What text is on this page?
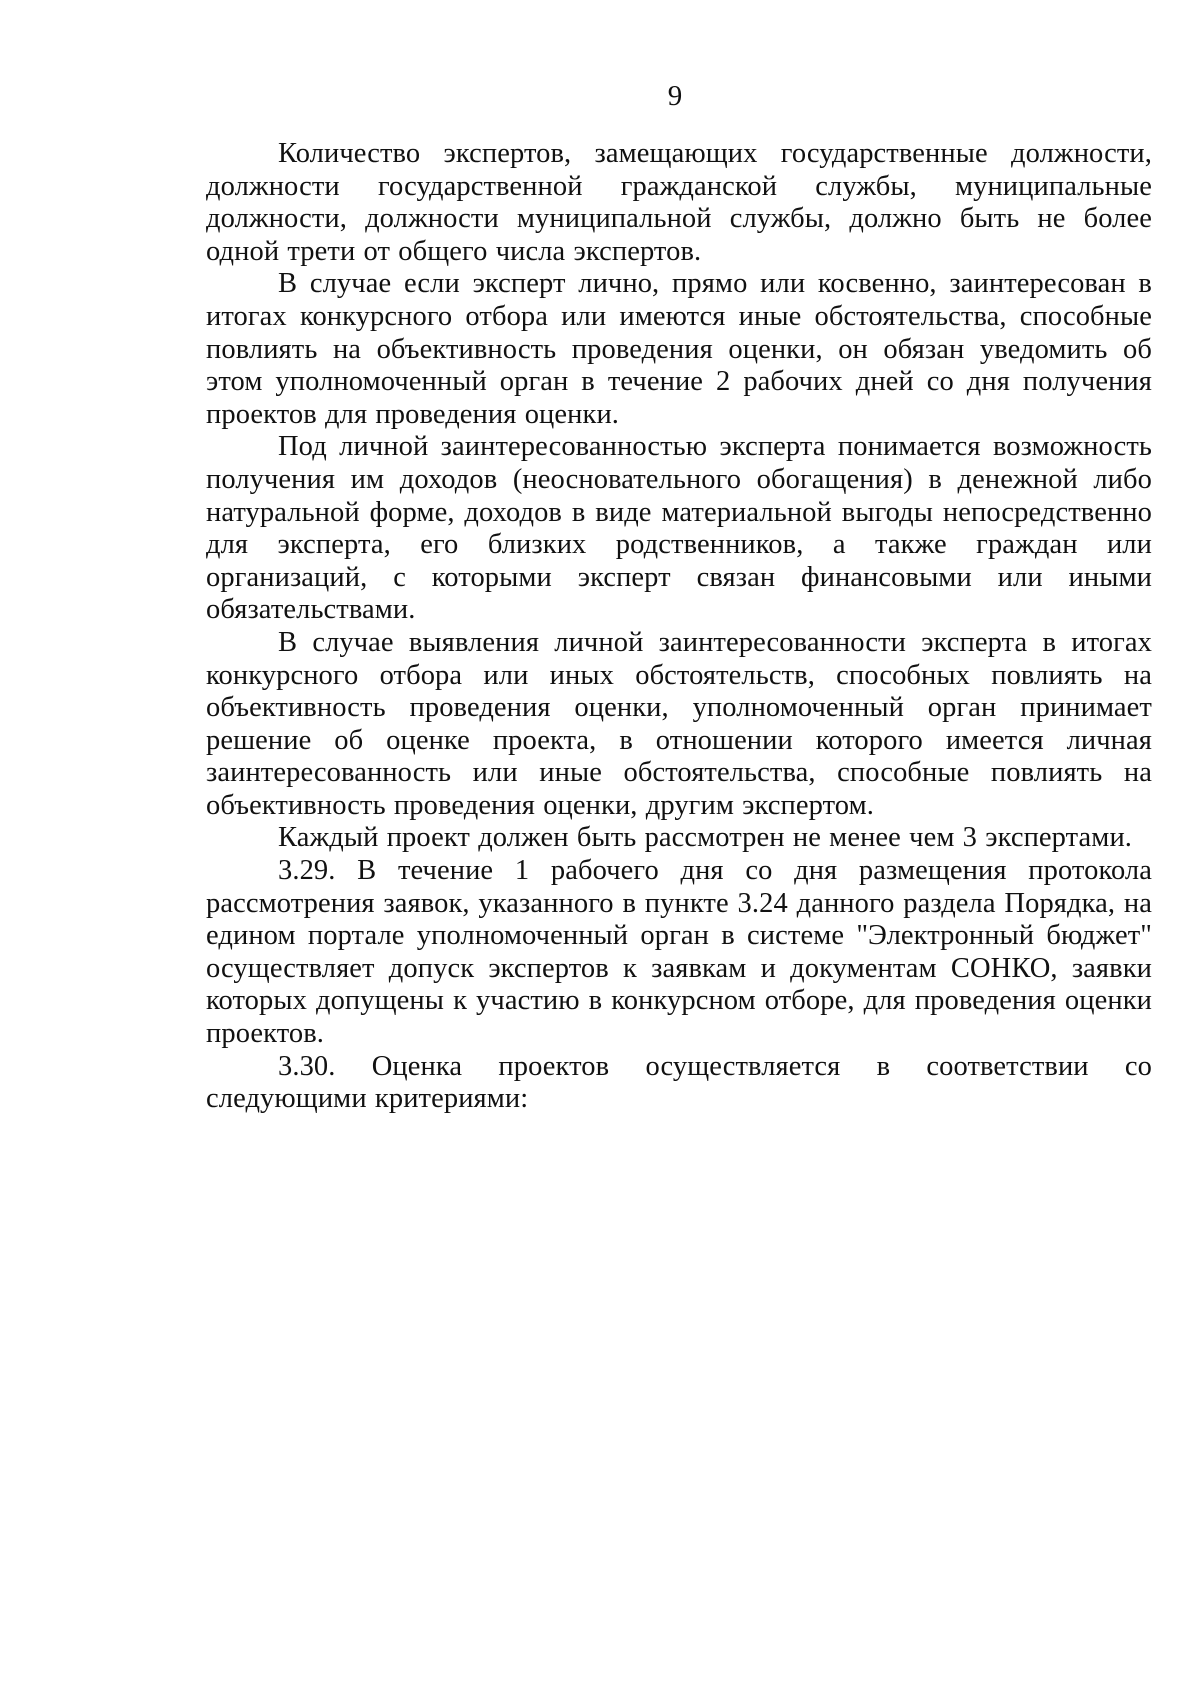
9

Количество экспертов, замещающих государственные должности, должности государственной гражданской службы, муниципальные должности, должности муниципальной службы, должно быть не более одной трети от общего числа экспертов.

В случае если эксперт лично, прямо или косвенно, заинтересован в итогах конкурсного отбора или имеются иные обстоятельства, способные повлиять на объективность проведения оценки, он обязан уведомить об этом уполномоченный орган в течение 2 рабочих дней со дня получения проектов для проведения оценки.

Под личной заинтересованностью эксперта понимается возможность получения им доходов (неосновательного обогащения) в денежной либо натуральной форме, доходов в виде материальной выгоды непосредственно для эксперта, его близких родственников, а также граждан или организаций, с которыми эксперт связан финансовыми или иными обязательствами.

В случае выявления личной заинтересованности эксперта в итогах конкурсного отбора или иных обстоятельств, способных повлиять на объективность проведения оценки, уполномоченный орган принимает решение об оценке проекта, в отношении которого имеется личная заинтересованность или иные обстоятельства, способные повлиять на объективность проведения оценки, другим экспертом.

Каждый проект должен быть рассмотрен не менее чем 3 экспертами.

3.29. В течение 1 рабочего дня со дня размещения протокола рассмотрения заявок, указанного в пункте 3.24 данного раздела Порядка, на едином портале уполномоченный орган в системе "Электронный бюджет" осуществляет допуск экспертов к заявкам и документам СОНКО, заявки которых допущены к участию в конкурсном отборе, для проведения оценки проектов.

3.30. Оценка проектов осуществляется в соответствии со следующими критериями:
